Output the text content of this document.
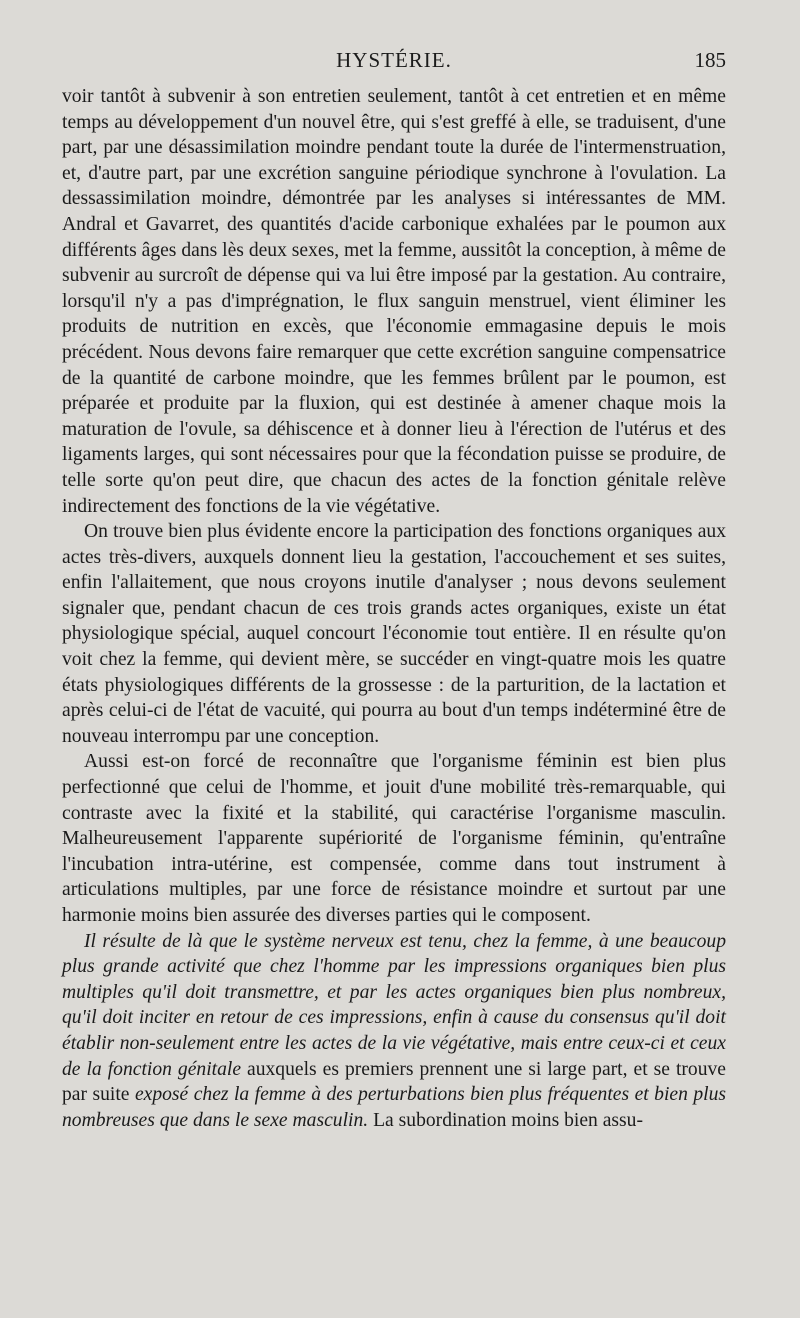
HYSTÉRIE.	185

voir tantôt à subvenir à son entretien seulement, tantôt à cet entretien et en même temps au développement d'un nouvel être, qui s'est greffé à elle, se traduisent, d'une part, par une désassimilation moindre pendant toute la durée de l'intermenstruation, et, d'autre part, par une excrétion sanguine périodique synchrone à l'ovulation. La dessassimilation moindre, démontrée par les analyses si intéressantes de MM. Andral et Gavarret, des quantités d'acide carbonique exhalées par le poumon aux différents âges dans lès deux sexes, met la femme, aussitôt la conception, à même de subvenir au surcroît de dépense qui va lui être imposé par la gestation. Au contraire, lorsqu'il n'y a pas d'imprégnation, le flux sanguin menstruel, vient éliminer les produits de nutrition en excès, que l'économie emmagasine depuis le mois précédent. Nous devons faire remarquer que cette excrétion sanguine compensatrice de la quantité de carbone moindre, que les femmes brûlent par le poumon, est préparée et produite par la fluxion, qui est destinée à amener chaque mois la maturation de l'ovule, sa déhiscence et à donner lieu à l'érection de l'utérus et des ligaments larges, qui sont nécessaires pour que la fécondation puisse se produire, de telle sorte qu'on peut dire, que chacun des actes de la fonction génitale relève indirectement des fonctions de la vie végétative.

On trouve bien plus évidente encore la participation des fonctions organiques aux actes très-divers, auxquels donnent lieu la gestation, l'accouchement et ses suites, enfin l'allaitement, que nous croyons inutile d'analyser ; nous devons seulement signaler que, pendant chacun de ces trois grands actes organiques, existe un état physiologique spécial, auquel concourt l'économie tout entière. Il en résulte qu'on voit chez la femme, qui devient mère, se succéder en vingt-quatre mois les quatre états physiologiques différents de la grossesse : de la parturition, de la lactation et après celui-ci de l'état de vacuité, qui pourra au bout d'un temps indéterminé être de nouveau interrompu par une conception.

Aussi est-on forcé de reconnaître que l'organisme féminin est bien plus perfectionné que celui de l'homme, et jouit d'une mobilité très-remarquable, qui contraste avec la fixité et la stabilité, qui caractérise l'organisme masculin. Malheureusement l'apparente supériorité de l'organisme féminin, qu'entraîne l'incubation intra-utérine, est compensée, comme dans tout instrument à articulations multiples, par une force de résistance moindre et surtout par une harmonie moins bien assurée des diverses parties qui le composent.

Il résulte de là que le système nerveux est tenu, chez la femme, à une beaucoup plus grande activité que chez l'homme par les impressions organiques bien plus multiples qu'il doit transmettre, et par les actes organiques bien plus nombreux, qu'il doit inciter en retour de ces impressions, enfin à cause du consensus qu'il doit établir non-seulement entre les actes de la vie végétative, mais entre ceux-ci et ceux de la fonction génitale auxquels es premiers prennent une si large part, et se trouve par suite exposé chez la femme à des perturbations bien plus fréquentes et bien plus nombreuses que dans le sexe masculin. La subordination moins bien assu-
